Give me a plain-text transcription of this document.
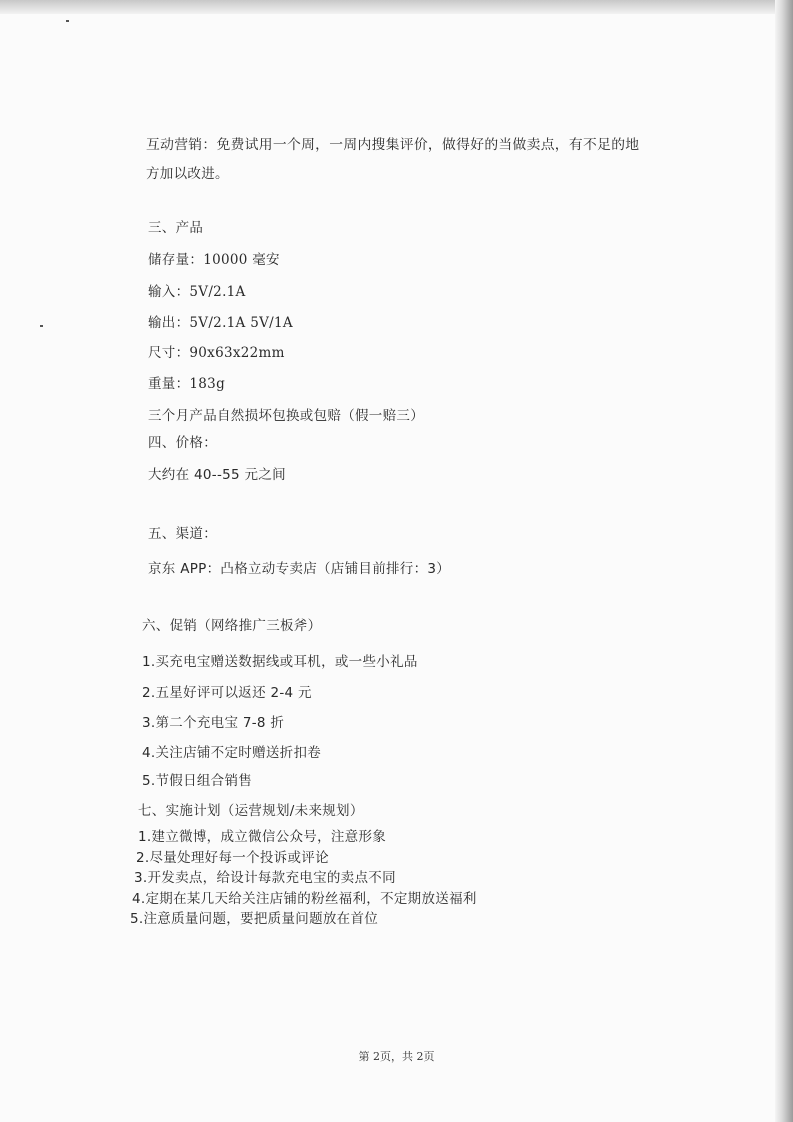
互动营销：免费试用一个周，一周内搜集评价，做得好的当做卖点，有不足的地
方加以改进。
三、产品
储存量：10000 毫安
输入：5V/2.1A
输出：5V/2.1A 5V/1A
尺寸：90x63x22mm
重量：183g
三个月产品自然损坏包换或包赔（假一赔三）
四、价格：
大约在 40--55 元之间
五、渠道：
京东 APP：凸格立动专卖店（店铺目前排行：3）
六、促销（网络推广三板斧）
1.买充电宝赠送数据线或耳机，或一些小礼品
2.五星好评可以返还 2-4 元
3.第二个充电宝 7-8 折
4.关注店铺不定时赠送折扣卷
5.节假日组合销售
七、实施计划（运营规划/未来规划）
1.建立微博，成立微信公众号，注意形象
2.尽量处理好每一个投诉或评论
3.开发卖点，给设计每款充电宝的卖点不同
4.定期在某几天给关注店铺的粉丝福利，不定期放送福利
5.注意质量问题，要把质量问题放在首位
第 2页，共 2页
